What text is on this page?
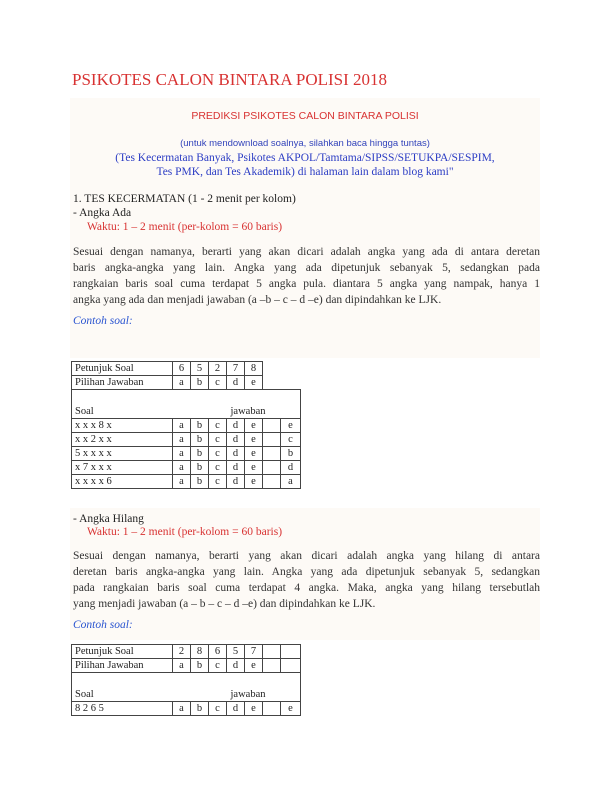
PSIKOTES CALON BINTARA POLISI 2018
PREDIKSI PSIKOTES CALON BINTARA POLISI
(untuk mendownload soalnya, silahkan baca hingga tuntas)
(Tes Kecermatan Banyak, Psikotes AKPOL/Tamtama/SIPSS/SETUKPA/SESPIM,
Tes PMK, dan Tes Akademik) di halaman lain dalam blog kami"
1. TES KECERMATAN (1 - 2 menit per kolom)
- Angka Ada
Waktu: 1 – 2 menit (per-kolom = 60 baris)
Sesuai dengan namanya, berarti yang akan dicari adalah angka yang ada di antara deretan
baris angka-angka yang lain. Angka yang ada dipetunjuk sebanyak 5, sedangkan pada
rangkaian baris soal cuma terdapat 5 angka pula. diantara 5 angka yang nampak, hanya 1
angka yang ada dan menjadi jawaban (a –b – c – d –e) dan dipindahkan ke LJK.
Contoh soal:
Petunjuk Soal	6	5	2	7	8		
Pilihan Jawaban	a	b	c	d	e		
Soal	jawaban						
x x x 8 x	a	b	c	d	e		e
x x 2 x x	a	b	c	d	e		c
5 x x x x	a	b	c	d	e		b
x 7 x x x	a	b	c	d	e		d
x x x x 6	a	b	c	d	e		a
- Angka Hilang
Waktu: 1 – 2 menit (per-kolom = 60 baris)
Sesuai dengan namanya, berarti yang akan dicari adalah angka yang hilang di antara
deretan baris angka-angka yang lain. Angka yang ada dipetunjuk sebanyak 5, sedangkan
pada rangkaian baris soal cuma terdapat 4 angka. Maka, angka yang hilang tersebutlah
yang menjadi jawaban (a – b – c – d –e) dan dipindahkan ke LJK.
Contoh soal:
Petunjuk Soal	2	8	6	5	7		
Pilihan Jawaban	a	b	c	d	e		
Soal	jawaban						
8 2 6 5	a	b	c	d	e		e
